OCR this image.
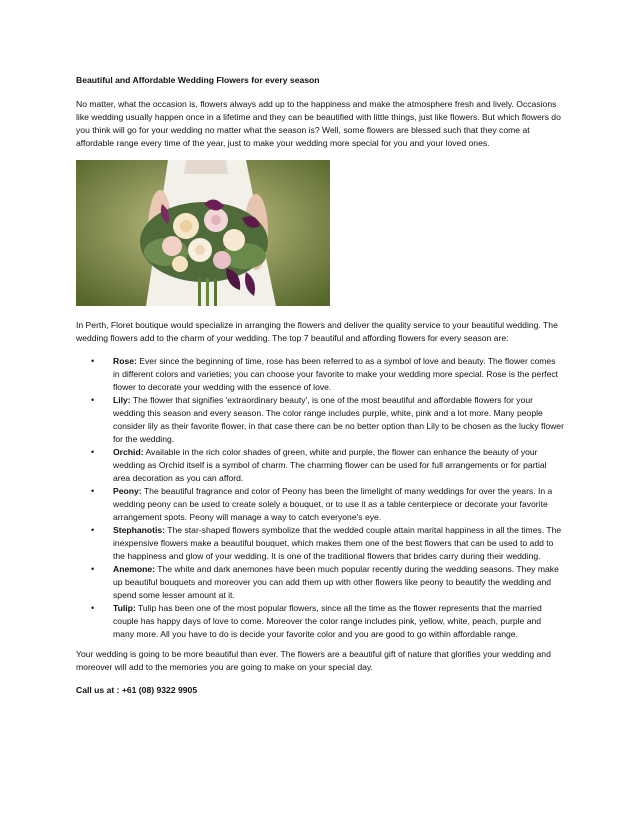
Beautiful and Affordable Wedding Flowers for every season

No matter, what the occasion is, flowers always add up to the happiness and make the atmosphere fresh and lively. Occasions like wedding usually happen once in a lifetime and they can be beautified with little things, just like flowers. But which flowers do you think will go for your wedding no matter what the season is? Well, some flowers are blessed such that they come at affordable range every time of the year, just to make your wedding more special for you and your loved ones.

In Perth, Floret boutique would specialize in arranging the flowers and deliver the quality service to your beautiful wedding. The wedding flowers add to the charm of your wedding. The top 7 beautiful and affording flowers for every season are:

• Rose: Ever since the beginning of time, rose has been referred to as a symbol of love and beauty. The flower comes in different colors and varieties; you can choose your favorite to make your wedding more special. Rose is the perfect flower to decorate your wedding with the essence of love.
• Lily: The flower that signifies 'extraordinary beauty', is one of the most beautiful and affordable flowers for your wedding this season and every season. The color range includes purple, white, pink and a lot more. Many people consider lily as their favorite flower, in that case there can be no better option than Lily to be chosen as the lucky flower for the wedding.
• Orchid: Available in the rich color shades of green, white and purple, the flower can enhance the beauty of your wedding as Orchid itself is a symbol of charm. The charming flower can be used for full arrangements or for partial area decoration as you can afford.
• Peony: The beautiful fragrance and color of Peony has been the limelight of many weddings for over the years. In a wedding peony can be used to create solely a bouquet, or to use it as a table centerpiece or decorate your favorite arrangement spots. Peony will manage a way to catch everyone's eye.
• Stephanotis: The star-shaped flowers symbolize that the wedded couple attain marital happiness in all the times. The inexpensive flowers make a beautiful bouquet, which makes them one of the best flowers that can be used to add to the happiness and glow of your wedding. It is one of the traditional flowers that brides carry during their wedding.
• Anemone: The white and dark anemones have been much popular recently during the wedding seasons. They make up beautiful bouquets and moreover you can add them up with other flowers like peony to beautify the wedding and spend some lesser amount at it.
• Tulip: Tulip has been one of the most popular flowers, since all the time as the flower represents that the married couple has happy days of love to come. Moreover the color range includes pink, yellow, white, peach, purple and many more. All you have to do is decide your favorite color and you are good to go within affordable range.

Your wedding is going to be more beautiful than ever. The flowers are a beautiful gift of nature that glorifies your wedding and moreover will add to the memories you are going to make on your special day.

Call us at : +61 (08) 9322 9905
